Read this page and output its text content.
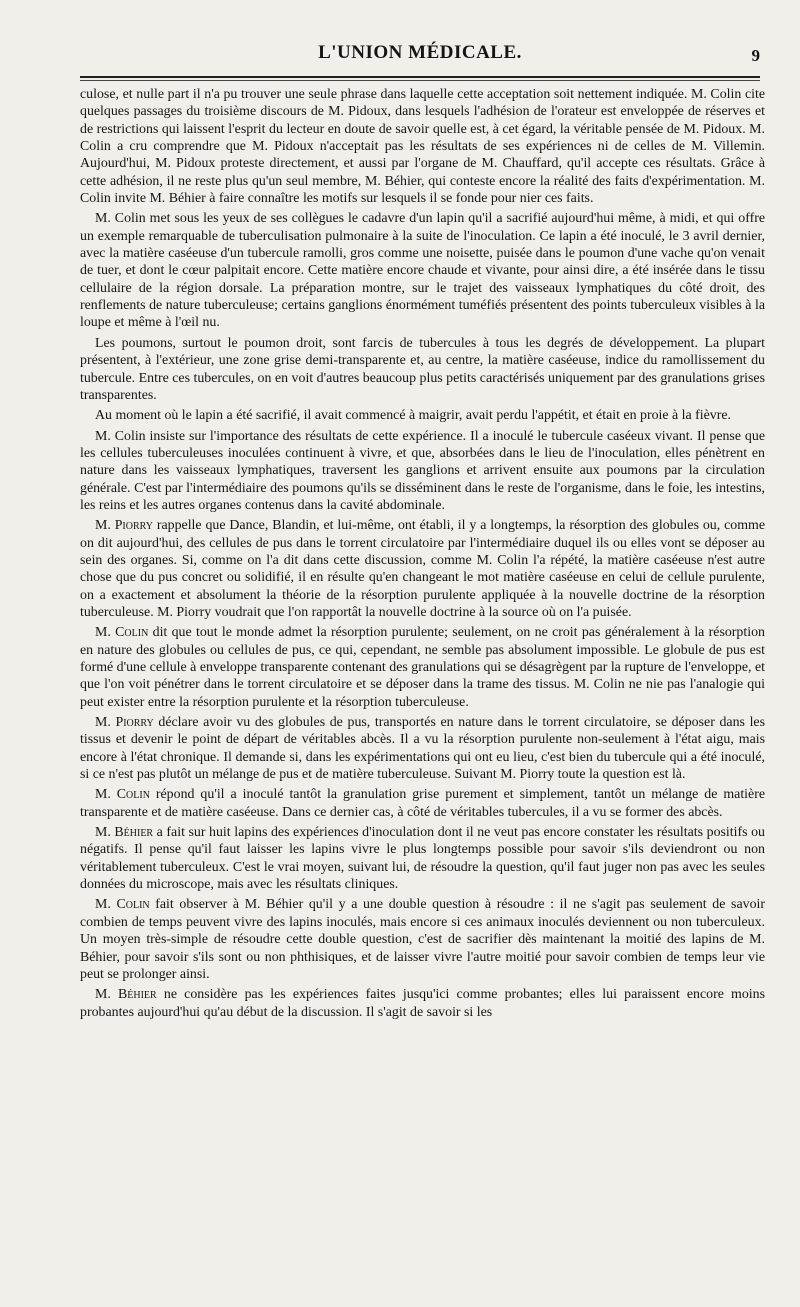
L'UNION MÉDICALE.	9

culose, et nulle part il n'a pu trouver une seule phrase dans laquelle cette acceptation soit nettement indiquée. M. Colin cite quelques passages du troisième discours de M. Pidoux, dans lesquels l'adhésion de l'orateur est enveloppée de réserves et de restrictions qui laissent l'esprit du lecteur en doute de savoir quelle est, à cet égard, la véritable pensée de M. Pidoux. M. Colin a cru comprendre que M. Pidoux n'acceptait pas les résultats de ses expériences ni de celles de M. Villemin. Aujourd'hui, M. Pidoux proteste directement, et aussi par l'organe de M. Chauffard, qu'il accepte ces résultats. Grâce à cette adhésion, il ne reste plus qu'un seul membre, M. Béhier, qui conteste encore la réalité des faits d'expérimentation. M. Colin invite M. Béhier à faire connaître les motifs sur lesquels il se fonde pour nier ces faits.

M. Colin met sous les yeux de ses collègues le cadavre d'un lapin qu'il a sacrifié aujourd'hui même, à midi, et qui offre un exemple remarquable de tuberculisation pulmonaire à la suite de l'inoculation. Ce lapin a été inoculé, le 3 avril dernier, avec la matière caséeuse d'un tubercule ramolli, gros comme une noisette, puisée dans le poumon d'une vache qu'on venait de tuer, et dont le cœur palpitait encore. Cette matière encore chaude et vivante, pour ainsi dire, a été insérée dans le tissu cellulaire de la région dorsale. La préparation montre, sur le trajet des vaisseaux lymphatiques du côté droit, des renflements de nature tuberculeuse; certains ganglions énormément tuméfiés présentent des points tuberculeux visibles à la loupe et même à l'œil nu.

Les poumons, surtout le poumon droit, sont farcis de tubercules à tous les degrés de développement. La plupart présentent, à l'extérieur, une zone grise demi-transparente et, au centre, la matière caséeuse, indice du ramollissement du tubercule. Entre ces tubercules, on en voit d'autres beaucoup plus petits caractérisés uniquement par des granulations grises transparentes.

Au moment où le lapin a été sacrifié, il avait commencé à maigrir, avait perdu l'appétit, et était en proie à la fièvre.

M. Colin insiste sur l'importance des résultats de cette expérience. Il a inoculé le tubercule caséeux vivant. Il pense que les cellules tuberculeuses inoculées continuent à vivre, et que, absorbées dans le lieu de l'inoculation, elles pénètrent en nature dans les vaisseaux lymphatiques, traversent les ganglions et arrivent ensuite aux poumons par la circulation générale. C'est par l'intermédiaire des poumons qu'ils se disséminent dans le reste de l'organisme, dans le foie, les intestins, les reins et les autres organes contenus dans la cavité abdominale.

M. Piorry rappelle que Dance, Blandin, et lui-même, ont établi, il y a longtemps, la résorption des globules ou, comme on dit aujourd'hui, des cellules de pus dans le torrent circulatoire par l'intermédiaire duquel ils ou elles vont se déposer au sein des organes. Si, comme on l'a dit dans cette discussion, comme M. Colin l'a répété, la matière caséeuse n'est autre chose que du pus concret ou solidifié, il en résulte qu'en changeant le mot matière caséeuse en celui de cellule purulente, on a exactement et absolument la théorie de la résorption purulente appliquée à la nouvelle doctrine de la résorption tuberculeuse. M. Piorry voudrait que l'on rapportât la nouvelle doctrine à la source où on l'a puisée.

M. Colin dit que tout le monde admet la résorption purulente; seulement, on ne croit pas généralement à la résorption en nature des globules ou cellules de pus, ce qui, cependant, ne semble pas absolument impossible. Le globule de pus est formé d'une cellule à enveloppe transparente contenant des granulations qui se désagrègent par la rupture de l'enveloppe, et que l'on voit pénétrer dans le torrent circulatoire et se déposer dans la trame des tissus. M. Colin ne nie pas l'analogie qui peut exister entre la résorption purulente et la résorption tuberculeuse.

M. Piorry déclare avoir vu des globules de pus, transportés en nature dans le torrent circulatoire, se déposer dans les tissus et devenir le point de départ de véritables abcès. Il a vu la résorption purulente non-seulement à l'état aigu, mais encore à l'état chronique. Il demande si, dans les expérimentations qui ont eu lieu, c'est bien du tubercule qui a été inoculé, si ce n'est pas plutôt un mélange de pus et de matière tuberculeuse. Suivant M. Piorry toute la question est là.

M. Colin répond qu'il a inoculé tantôt la granulation grise purement et simplement, tantôt un mélange de matière transparente et de matière caséeuse. Dans ce dernier cas, à côté de véritables tubercules, il a vu se former des abcès.

M. Béhier a fait sur huit lapins des expériences d'inoculation dont il ne veut pas encore constater les résultats positifs ou négatifs. Il pense qu'il faut laisser les lapins vivre le plus longtemps possible pour savoir s'ils deviendront ou non véritablement tuberculeux. C'est le vrai moyen, suivant lui, de résoudre la question, qu'il faut juger non pas avec les seules données du microscope, mais avec les résultats cliniques.

M. Colin fait observer à M. Béhier qu'il y a une double question à résoudre : il ne s'agit pas seulement de savoir combien de temps peuvent vivre des lapins inoculés, mais encore si ces animaux inoculés deviennent ou non tuberculeux. Un moyen très-simple de résoudre cette double question, c'est de sacrifier dès maintenant la moitié des lapins de M. Béhier, pour savoir s'ils sont ou non phthisiques, et de laisser vivre l'autre moitié pour savoir combien de temps leur vie peut se prolonger ainsi.

M. Béhier ne considère pas les expériences faites jusqu'ici comme probantes; elles lui paraissent encore moins probantes aujourd'hui qu'au début de la discussion. Il s'agit de savoir si les
